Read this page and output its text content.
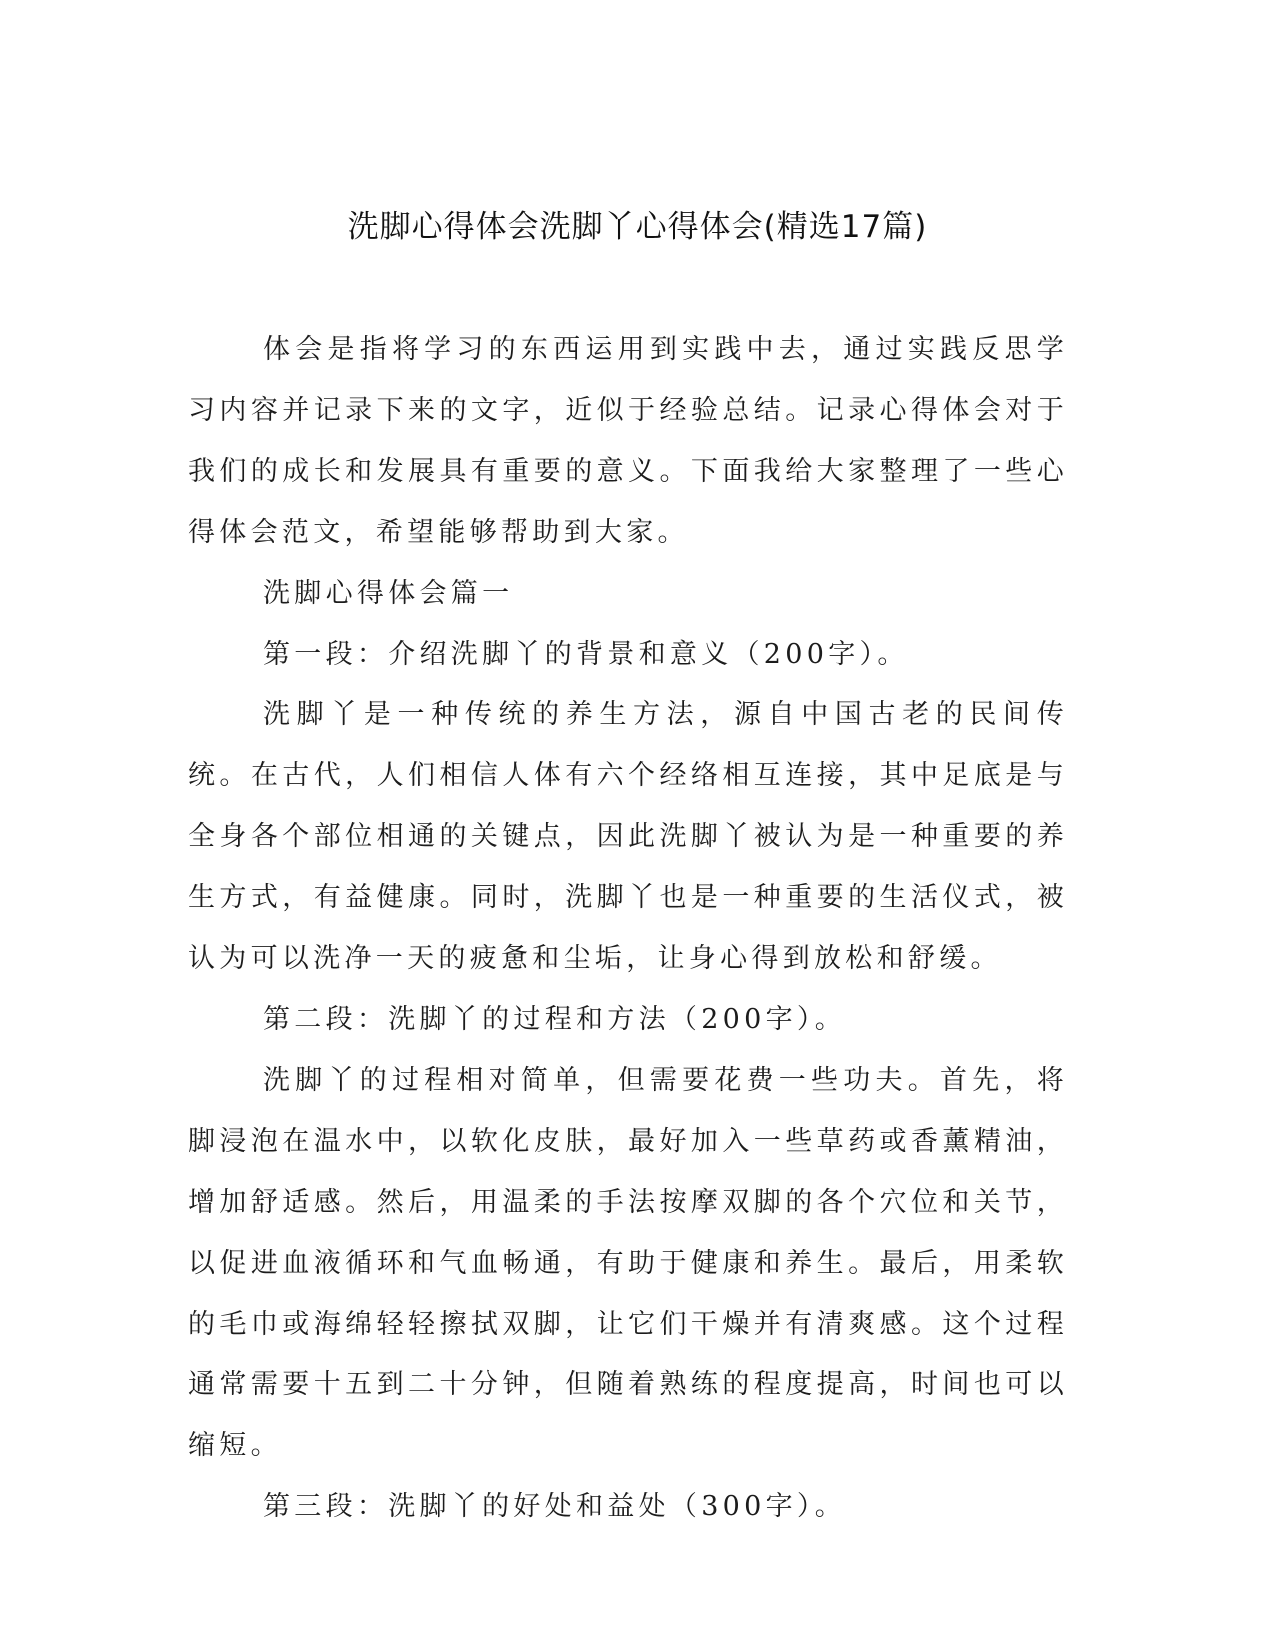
洗脚心得体会洗脚丫心得体会(精选17篇)

体会是指将学习的东西运用到实践中去，通过实践反思学习内容并记录下来的文字，近似于经验总结。记录心得体会对于我们的成长和发展具有重要的意义。下面我给大家整理了一些心得体会范文，希望能够帮助到大家。

洗脚心得体会篇一

第一段：介绍洗脚丫的背景和意义（200字）。

洗脚丫是一种传统的养生方法，源自中国古老的民间传统。在古代，人们相信人体有六个经络相互连接，其中足底是与全身各个部位相通的关键点，因此洗脚丫被认为是一种重要的养生方式，有益健康。同时，洗脚丫也是一种重要的生活仪式，被认为可以洗净一天的疲惫和尘垢，让身心得到放松和舒缓。

第二段：洗脚丫的过程和方法（200字）。

洗脚丫的过程相对简单，但需要花费一些功夫。首先，将脚浸泡在温水中，以软化皮肤，最好加入一些草药或香薰精油，增加舒适感。然后，用温柔的手法按摩双脚的各个穴位和关节，以促进血液循环和气血畅通，有助于健康和养生。最后，用柔软的毛巾或海绵轻轻擦拭双脚，让它们干燥并有清爽感。这个过程通常需要十五到二十分钟，但随着熟练的程度提高，时间也可以缩短。

第三段：洗脚丫的好处和益处（300字）。
